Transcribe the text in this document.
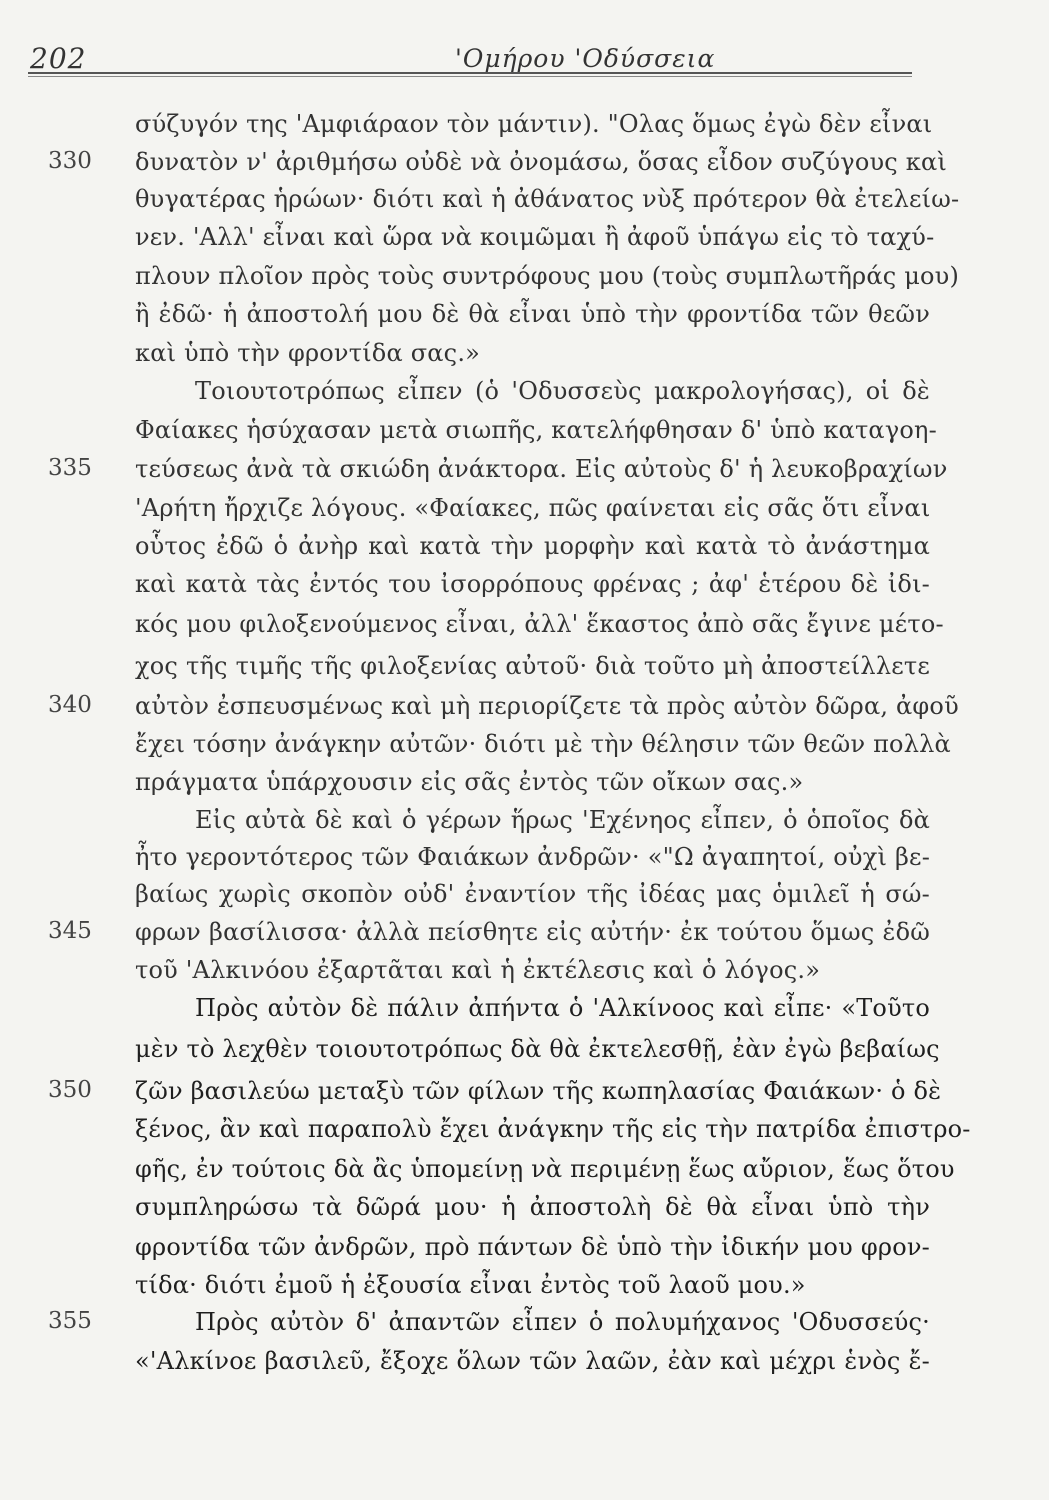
202	'Ομήρου 'Οδύσσεια
330
335
340
345
350
355
σύζυγόν της 'Αμφιάραον τὸν μάντιν). "Ολας ὅμως ἐγὼ δὲν εἶναι
δυνατὸν ν' ἀριθμήσω οὐδὲ νὰ ὀνομάσω, ὅσας εἶδον συζύγους καὶ
θυγατέρας ἡρώων· διότι καὶ ἡ ἀθάνατος νὺξ πρότερον θὰ ἐτελείω-
νεν. 'Αλλ' εἶναι καὶ ὥρα νὰ κοιμῶμαι ἢ ἀφοῦ ὑπάγω εἰς τὸ ταχύ-
πλουν πλοῖον πρὸς τοὺς συντρόφους μου (τοὺς συμπλωτῆράς μου)
ἢ ἐδῶ· ἡ ἀποστολή μου δὲ θὰ εἶναι ὑπὸ τὴν φροντίδα τῶν θεῶν
καὶ ὑπὸ τὴν φροντίδα σας.»
Τοιουτοτρόπως εἶπεν (ὁ 'Οδυσσεὺς μακρολογήσας), οἱ δὲ
Φαίακες ἡσύχασαν μετὰ σιωπῆς, κατελήφθησαν δ' ὑπὸ καταγοη-
τεύσεως ἀνὰ τὰ σκιώδη ἀνάκτορα. Εἰς αὐτοὺς δ' ἡ λευκοβραχίων
'Αρήτη ἤρχιζε λόγους. «Φαίακες, πῶς φαίνεται εἰς σᾶς ὅτι εἶναι
οὗτος ἐδῶ ὁ ἀνὴρ καὶ κατὰ τὴν μορφὴν καὶ κατὰ τὸ ἀνάστημα
καὶ κατὰ τὰς ἐντός του ἰσορρόπους φρένας ; ἀφ' ἑτέρου δὲ ἰδι-
κός μου φιλοξενούμενος εἶναι, ἀλλ' ἕκαστος ἀπὸ σᾶς ἔγινε μέτο-
χος τῆς τιμῆς τῆς φιλοξενίας αὐτοῦ· διὰ τοῦτο μὴ ἀποστείλλετε
αὐτὸν ἐσπευσμένως καὶ μὴ περιορίζετε τὰ πρὸς αὐτὸν δῶρα, ἀφοῦ
ἔχει τόσην ἀνάγκην αὐτῶν· διότι μὲ τὴν θέλησιν τῶν θεῶν πολλὰ
πράγματα ὑπάρχουσιν εἰς σᾶς ἐντὸς τῶν οἴκων σας.»
Εἰς αὐτὰ δὲ καὶ ὁ γέρων ἥρως 'Εχένηος εἶπεν, ὁ ὁποῖος δὰ
ἦτο γεροντότερος τῶν Φαιάκων ἀνδρῶν· «"Ω ἀγαπητοί, οὐχὶ βε-
βαίως χωρὶς σκοπὸν οὐδ' ἐναντίον τῆς ἰδέας μας ὁμιλεῖ ἡ σώ-
φρων βασίλισσα· ἀλλὰ πείσθητε εἰς αὐτήν· ἐκ τούτου ὅμως ἐδῶ
τοῦ 'Αλκινόου ἐξαρτᾶται καὶ ἡ ἐκτέλεσις καὶ ὁ λόγος.»
Πρὸς αὐτὸν δὲ πάλιν ἀπήντα ὁ 'Αλκίνοος καὶ εἶπε· «Τοῦτο
μὲν τὸ λεχθὲν τοιουτοτρόπως δὰ θὰ ἐκτελεσθῇ, ἐὰν ἐγὼ βεβαίως
ζῶν βασιλεύω μεταξὺ τῶν φίλων τῆς κωπηλασίας Φαιάκων· ὁ δὲ
ξένος, ἂν καὶ παραπολὺ ἔχει ἀνάγκην τῆς εἰς τὴν πατρίδα ἐπιστρο-
φῆς, ἐν τούτοις δὰ ἂς ὑπομείνῃ νὰ περιμένῃ ἕως αὔριον, ἕως ὅτου
συμπληρώσω τὰ δῶρά μου· ἡ ἀποστολὴ δὲ θὰ εἶναι ὑπὸ τὴν
φροντίδα τῶν ἀνδρῶν, πρὸ πάντων δὲ ὑπὸ τὴν ἰδικήν μου φρον-
τίδα· διότι ἐμοῦ ἡ ἐξουσία εἶναι ἐντὸς τοῦ λαοῦ μου.»
Πρὸς αὐτὸν δ' ἀπαντῶν εἶπεν ὁ πολυμήχανος 'Οδυσσεύς·
«'Αλκίνοε βασιλεῦ, ἔξοχε ὅλων τῶν λαῶν, ἐὰν καὶ μέχρι ἑνὸς ἔ-
